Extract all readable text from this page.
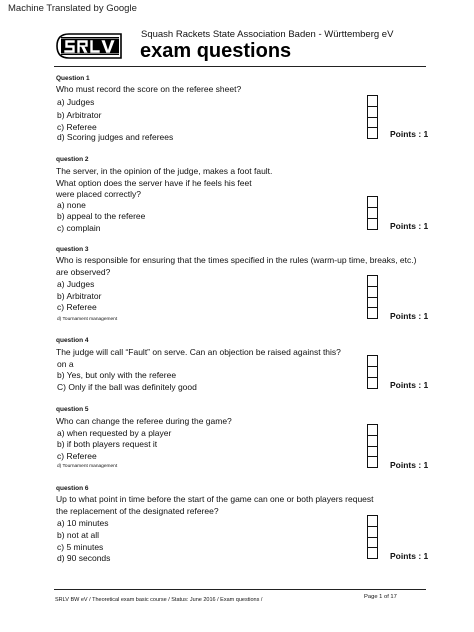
Machine Translated by Google
Squash Rackets State Association Baden - Württemberg eV
exam questions
Question 1
Who must record the score on the referee sheet?
a) Judges
b) Arbitrator
c) Referee
d) Scoring judges and referees	Points : 1
question 2
The server, in the opinion of the judge, makes a foot fault.
What option does the server have if he feels his feet
were placed correctly?
a) none
b) appeal to the referee
c) complain	Points : 1
question 3
Who is responsible for ensuring that the times specified in the rules (warm-up time, breaks, etc.)
are observed?
a) Judges
b) Arbitrator
c) Referee
d) Tournament management	Points : 1
question 4
The judge will call “Fault” on serve. Can an objection be raised against this?
on a
b) Yes, but only with the referee
C) Only if the ball was definitely good	Points : 1
question 5
Who can change the referee during the game?
a) when requested by a player
b) if both players request it
c) Referee
d) Tournament management	Points : 1
question 6
Up to what point in time before the start of the game can one or both players request
the replacement of the designated referee?
a) 10 minutes
b) not at all
c) 5 minutes
d) 90 seconds	Points : 1
SRLV BW eV / Theoretical exam basic course / Status: June 2016 / Exam questions /	Page 1 of 17
